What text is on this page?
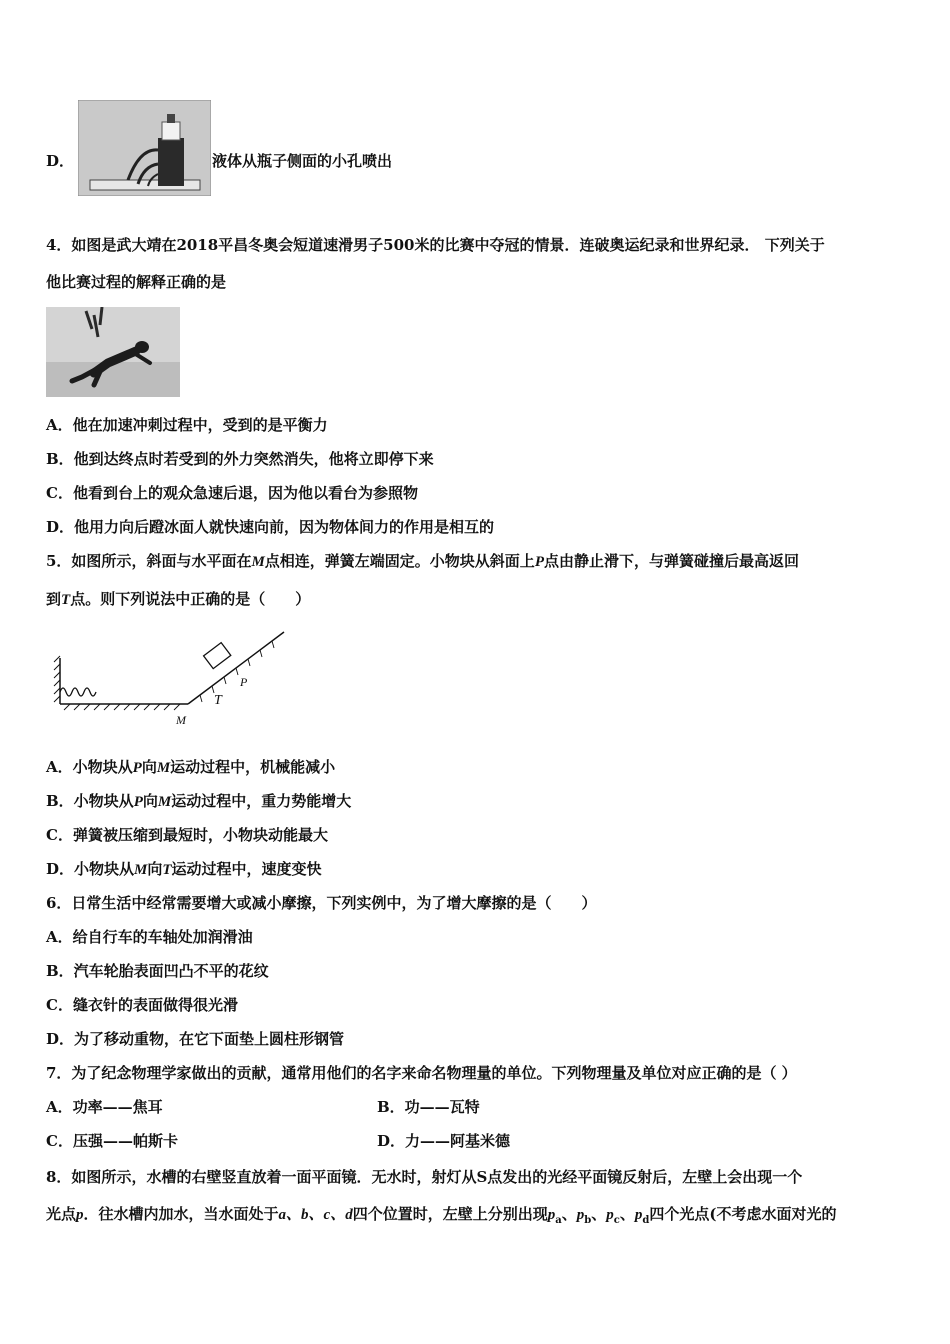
D．	液体从瓶子侧面的小孔喷出
4．如图是武大靖在2018平昌冬奥会短道速滑男子500米的比赛中夺冠的情景．连破奥运纪录和世界纪录． 下列关于
他比赛过程的解释正确的是
A．他在加速冲刺过程中，受到的是平衡力
B．他到达终点时若受到的外力突然消失，他将立即停下来
C．他看到台上的观众急速后退，因为他以看台为参照物
D．他用力向后蹬冰面人就快速向前，因为物体间力的作用是相互的
5．如图所示，斜面与水平面在M点相连，弹簧左端固定。小物块从斜面上P点由静止滑下，与弹簧碰撞后最高返回
到T点。则下列说法中正确的是（　　）
P
T
M
A．小物块从P向M运动过程中，机械能减小
B．小物块从P向M运动过程中，重力势能增大
C．弹簧被压缩到最短时，小物块动能最大
D．小物块从M向T运动过程中，速度变快
6．日常生活中经常需要增大或减小摩擦，下列实例中，为了增大摩擦的是（　　）
A．给自行车的车轴处加润滑油
B．汽车轮胎表面凹凸不平的花纹
C．缝衣针的表面做得很光滑
D．为了移动重物，在它下面垫上圆柱形钢管
7．为了纪念物理学家做出的贡献，通常用他们的名字来命名物理量的单位。下列物理量及单位对应正确的是（ ）
A．功率——焦耳	B．功——瓦特
C．压强——帕斯卡	D．力——阿基米德
8．如图所示，水槽的右壁竖直放着一面平面镜．无水时，射灯从S点发出的光经平面镜反射后，左壁上会出现一个
光点p．往水槽内加水，当水面处于a、b、c、d四个位置时，左壁上分别出现$p_a$、$p_b$、$p_c$、$p_d$四个光点(不考虑水面对光的
